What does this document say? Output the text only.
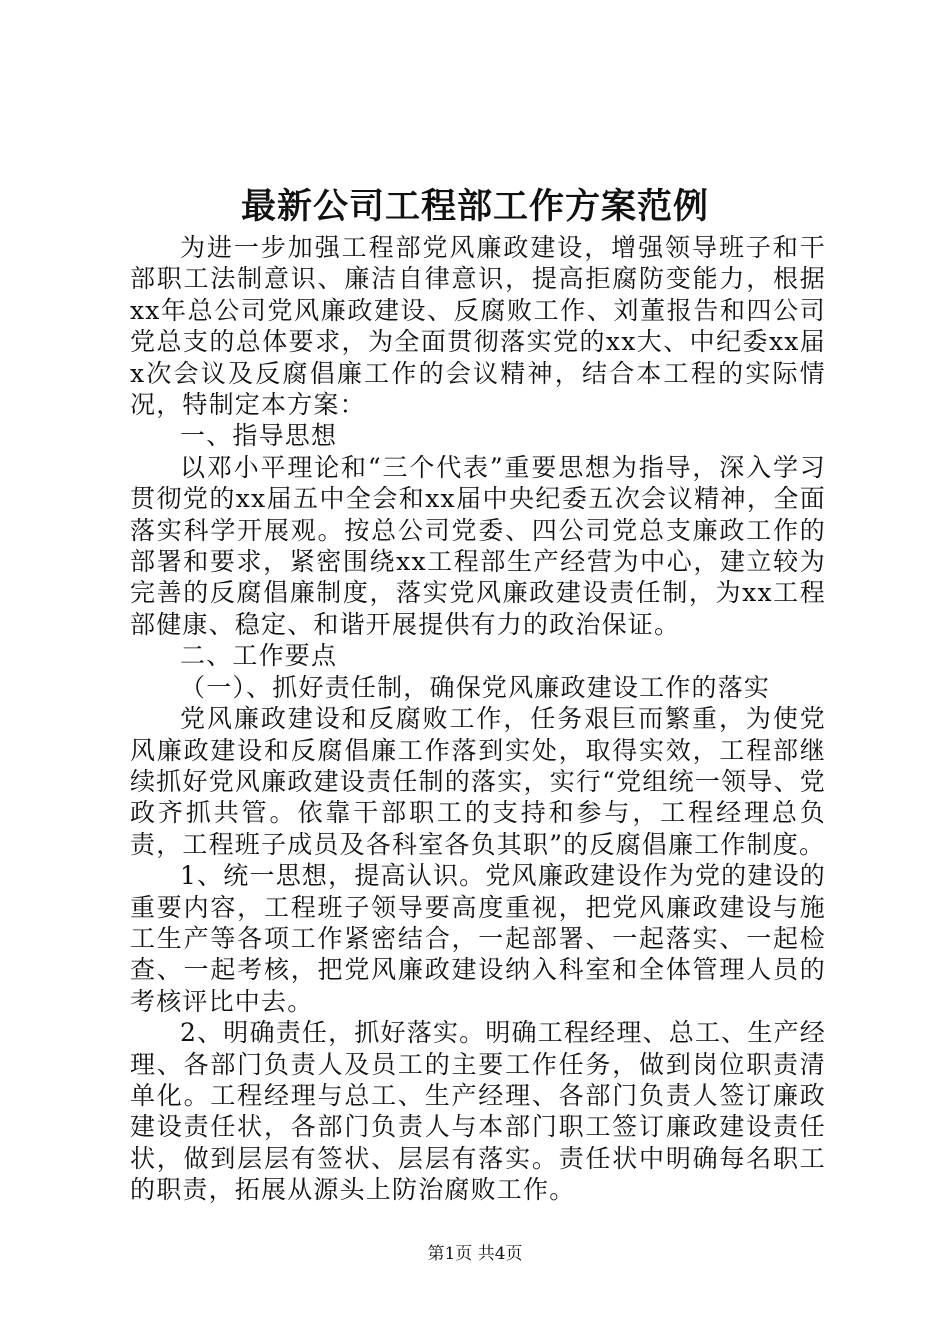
最新公司工程部工作方案范例

为进一步加强工程部党风廉政建设，增强领导班子和干部职工法制意识、廉洁自律意识，提高拒腐防变能力，根据xx年总公司党风廉政建设、反腐败工作、刘董报告和四公司党总支的总体要求，为全面贯彻落实党的xx大、中纪委xx届x次会议及反腐倡廉工作的会议精神，结合本工程的实际情况，特制定本方案：

一、指导思想

以邓小平理论和“三个代表”重要思想为指导，深入学习贯彻党的xx届五中全会和xx届中央纪委五次会议精神，全面落实科学开展观。按总公司党委、四公司党总支廉政工作的部署和要求，紧密围绕xx工程部生产经营为中心，建立较为完善的反腐倡廉制度，落实党风廉政建设责任制，为xx工程部健康、稳定、和谐开展提供有力的政治保证。

二、工作要点

（一）、抓好责任制，确保党风廉政建设工作的落实

党风廉政建设和反腐败工作，任务艰巨而繁重，为使党风廉政建设和反腐倡廉工作落到实处，取得实效，工程部继续抓好党风廉政建设责任制的落实，实行“党组统一领导、党政齐抓共管。依靠干部职工的支持和参与，工程经理总负责，工程班子成员及各科室各负其职”的反腐倡廉工作制度。

1、统一思想，提高认识。党风廉政建设作为党的建设的重要内容，工程班子领导要高度重视，把党风廉政建设与施工生产等各项工作紧密结合，一起部署、一起落实、一起检查、一起考核，把党风廉政建设纳入科室和全体管理人员的考核评比中去。

2、明确责任，抓好落实。明确工程经理、总工、生产经理、各部门负责人及员工的主要工作任务，做到岗位职责清单化。工程经理与总工、生产经理、各部门负责人签订廉政建设责任状，各部门负责人与本部门职工签订廉政建设责任状，做到层层有签状、层层有落实。责任状中明确每名职工的职责，拓展从源头上防治腐败工作。

第1页 共4页
